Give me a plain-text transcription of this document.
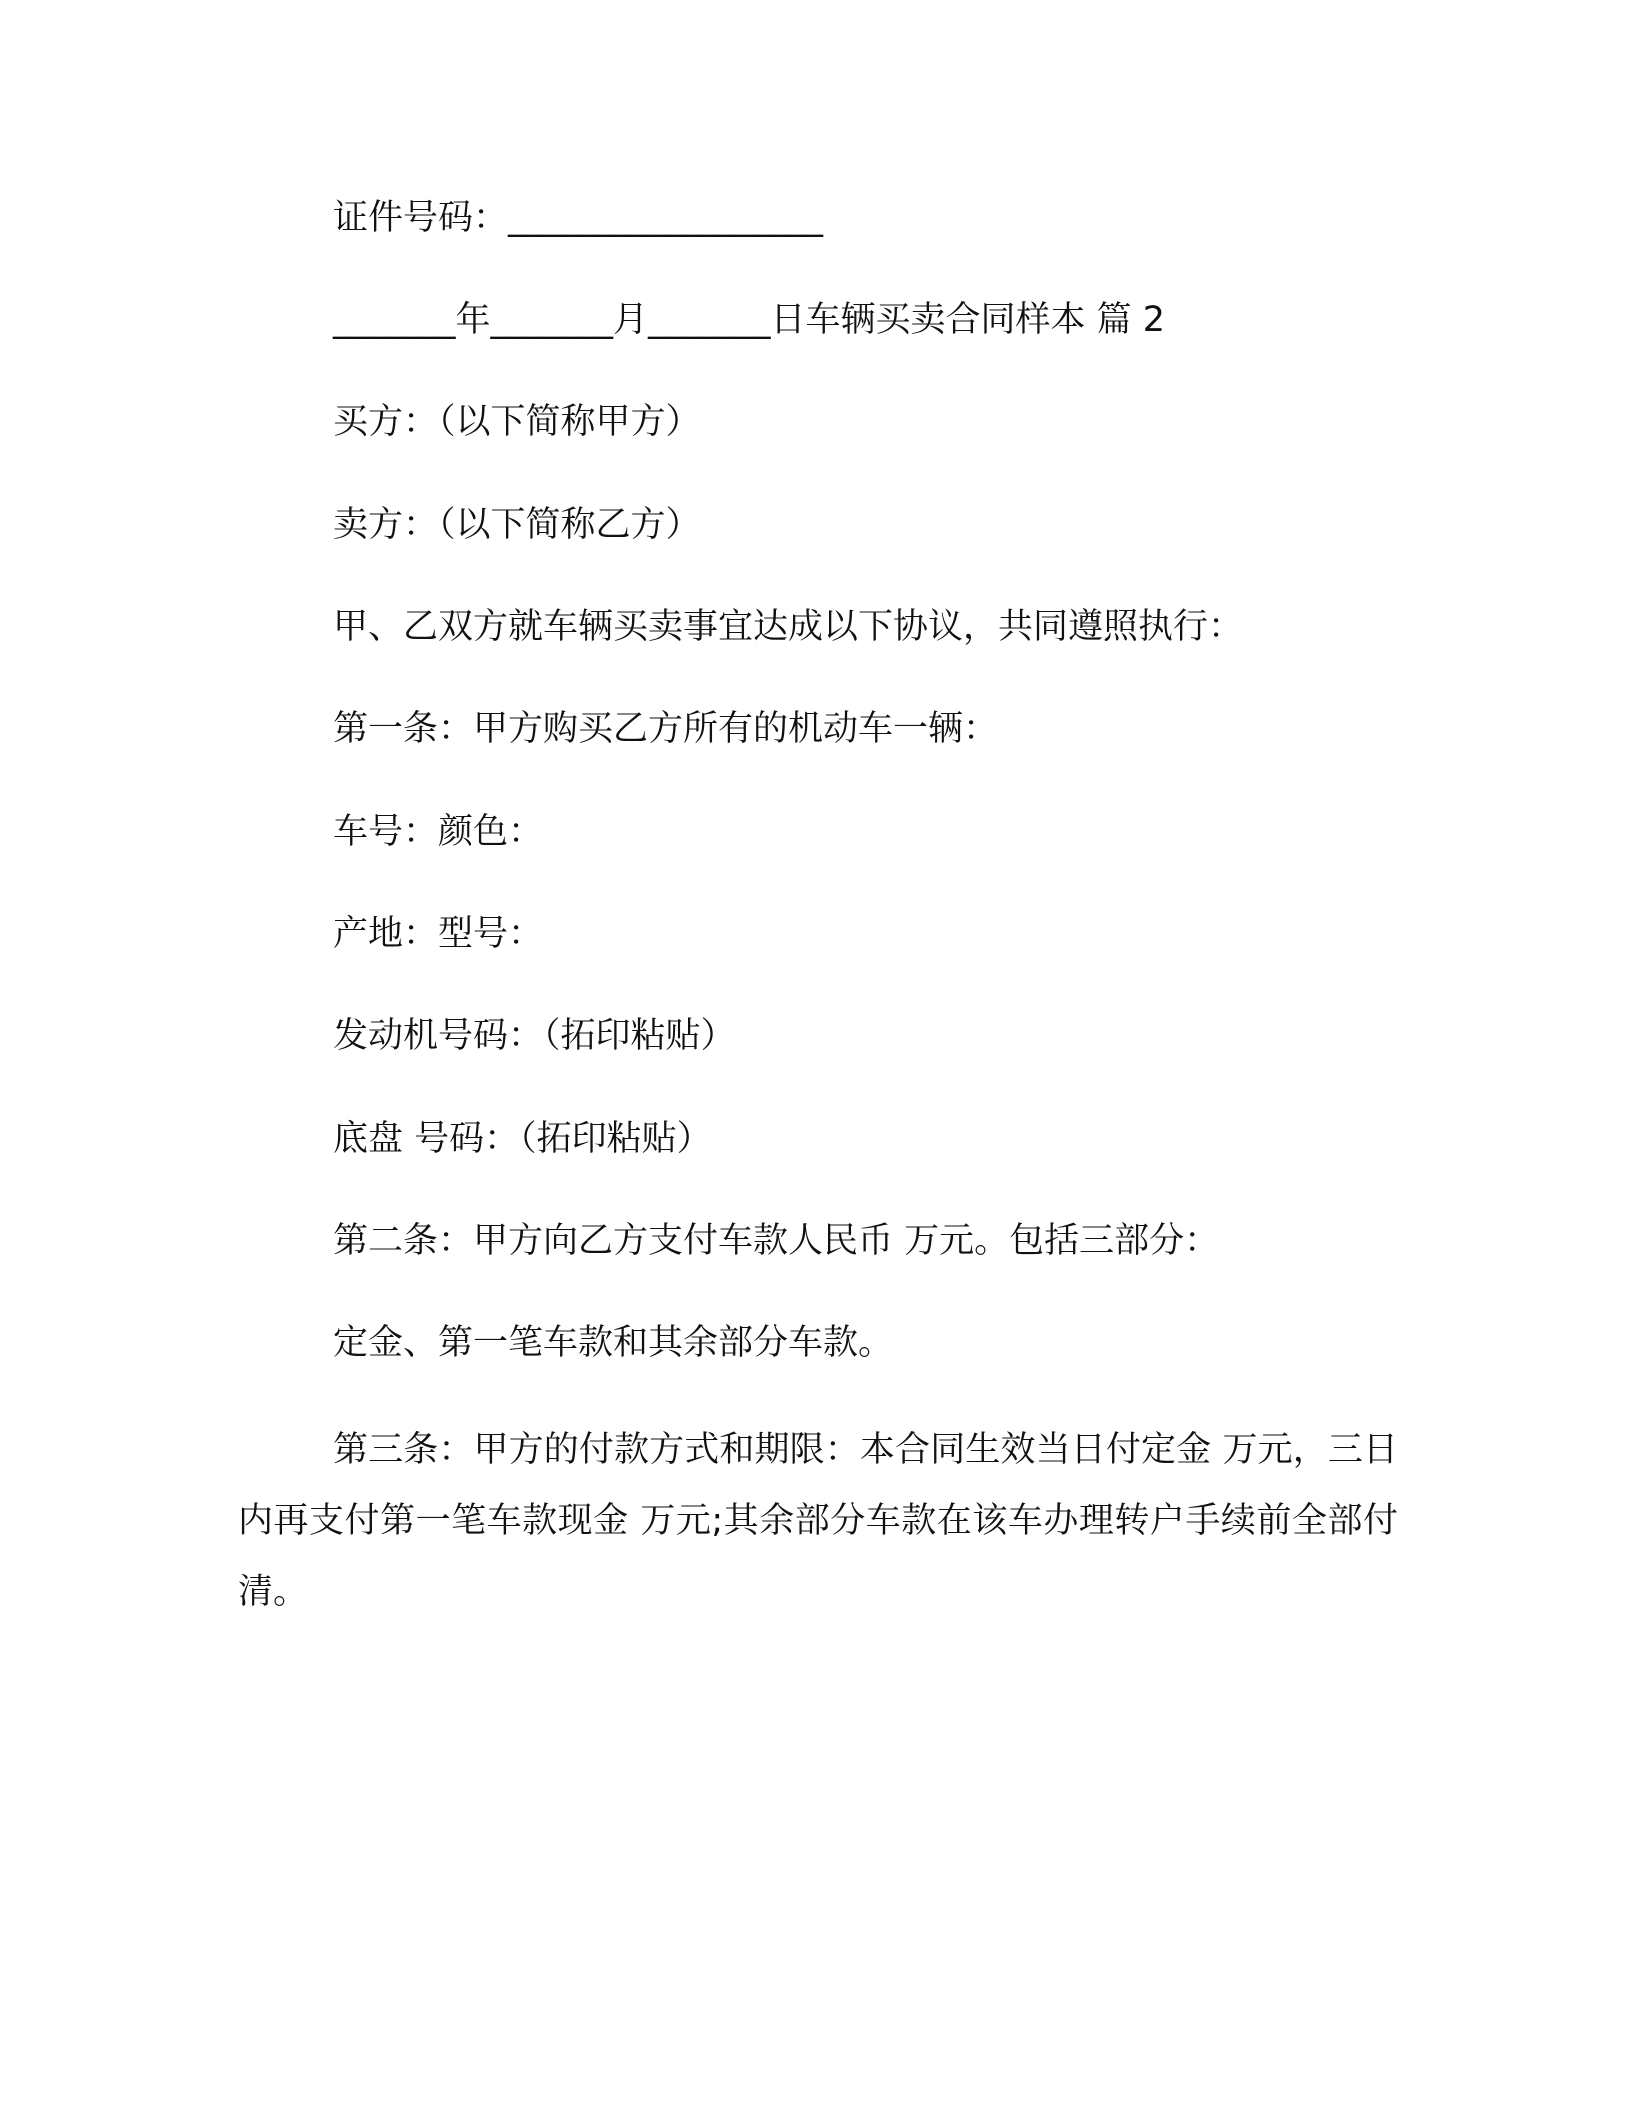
证件号码：__________________

_______年_______月_______日车辆买卖合同样本 篇 2

买方：（以下简称甲方）

卖方：（以下简称乙方）

甲、乙双方就车辆买卖事宜达成以下协议，共同遵照执行：

第一条：甲方购买乙方所有的机动车一辆：

车号：颜色：

产地：型号：

发动机号码：（拓印粘贴）

底盘 号码：（拓印粘贴）

第二条：甲方向乙方支付车款人民币 万元。包括三部分：

定金、第一笔车款和其余部分车款。

第三条：甲方的付款方式和期限：本合同生效当日付定金 万元，三日内再支付第一笔车款现金 万元;其余部分车款在该车办理转户手续前全部付清。
